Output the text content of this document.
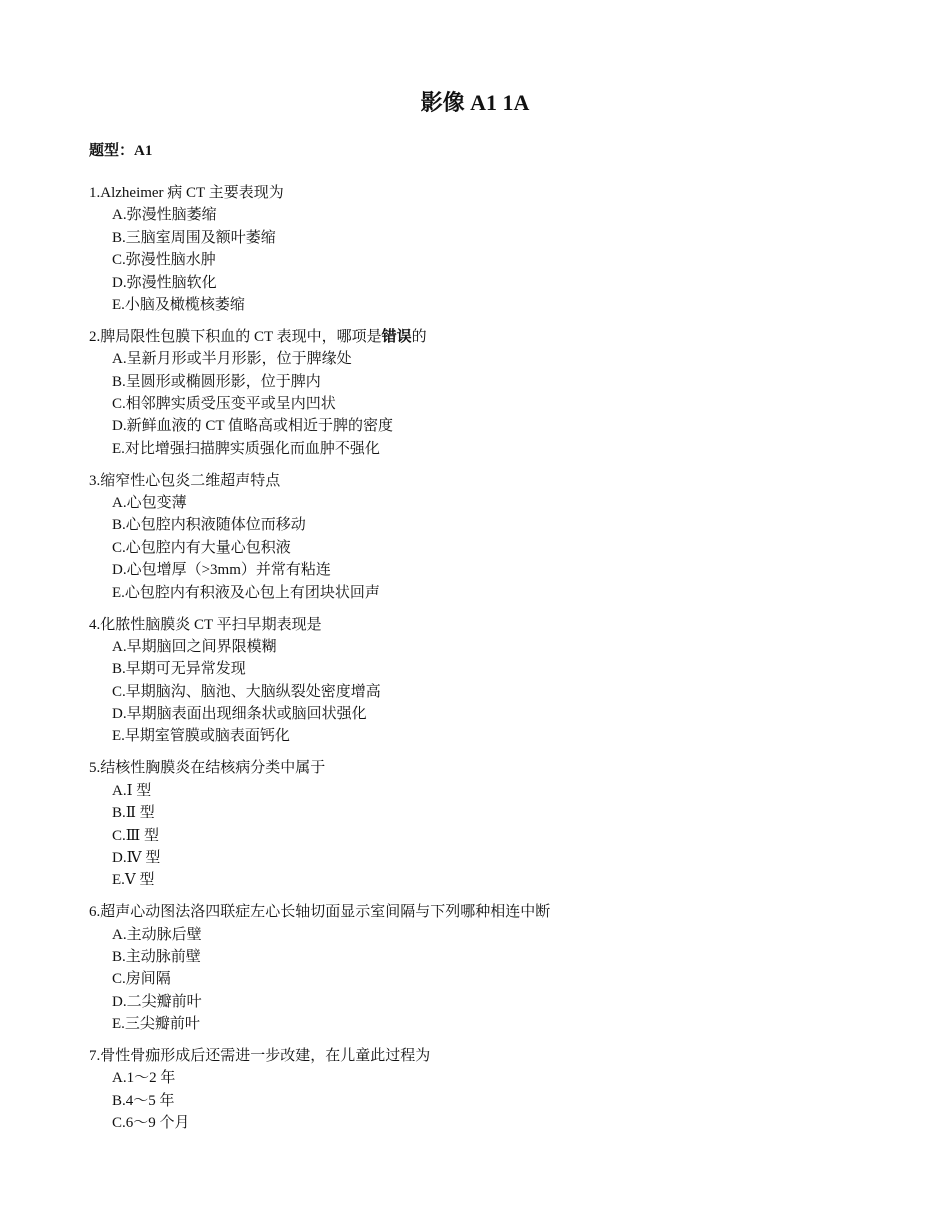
影像 A1 1A
题型：A1
1.Alzheimer 病 CT 主要表现为
A.弥漫性脑萎缩
B.三脑室周围及额叶萎缩
C.弥漫性脑水肿
D.弥漫性脑软化
E.小脑及橄榄核萎缩
2.脾局限性包膜下积血的 CT 表现中，哪项是错误的
A.呈新月形或半月形影，位于脾缘处
B.呈圆形或椭圆形影，位于脾内
C.相邻脾实质受压变平或呈内凹状
D.新鲜血液的 CT 值略高或相近于脾的密度
E.对比增强扫描脾实质强化而血肿不强化
3.缩窄性心包炎二维超声特点
A.心包变薄
B.心包腔内积液随体位而移动
C.心包腔内有大量心包积液
D.心包增厚（>3mm）并常有粘连
E.心包腔内有积液及心包上有团块状回声
4.化脓性脑膜炎 CT 平扫早期表现是
A.早期脑回之间界限模糊
B.早期可无异常发现
C.早期脑沟、脑池、大脑纵裂处密度增高
D.早期脑表面出现细条状或脑回状强化
E.早期室管膜或脑表面钙化
5.结核性胸膜炎在结核病分类中属于
A.Ⅰ 型
B.Ⅱ 型
C.Ⅲ 型
D.Ⅳ 型
E.Ⅴ 型
6.超声心动图法洛四联症左心长轴切面显示室间隔与下列哪种相连中断
A.主动脉后壁
B.主动脉前壁
C.房间隔
D.二尖瓣前叶
E.三尖瓣前叶
7.骨性骨痂形成后还需进一步改建，在儿童此过程为
A.1～2 年
B.4～5 年
C.6～9 个月
